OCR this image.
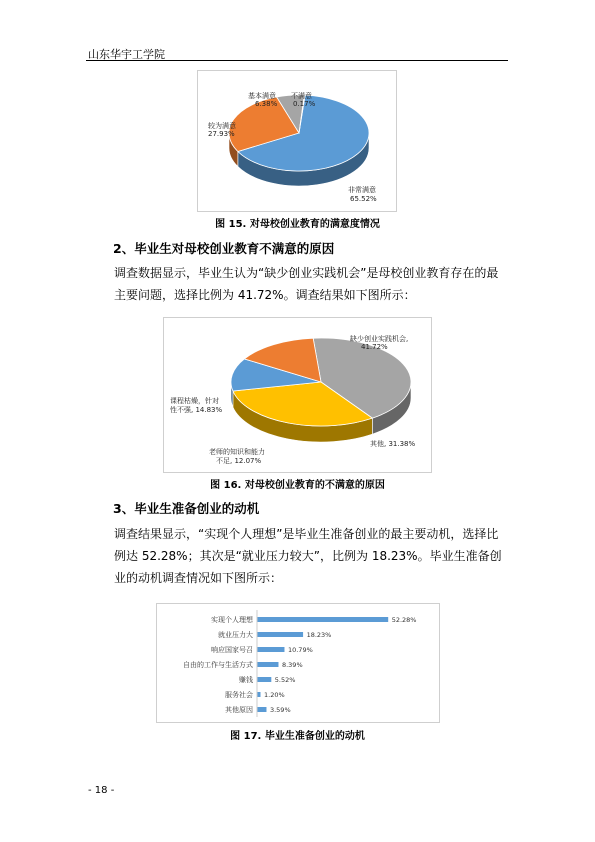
山东华宇工学院
基本满意
6.38%
不满意
0.17%
较为满意
27.93%
非常满意
65.52%
图 15. 对母校创业教育的满意度情况
2、毕业生对母校创业教育不满意的原因
调查数据显示，毕业生认为“缺少创业实践机会”是母校创业教育存在的最主要问题，选择比例为 41.72%。调查结果如下图所示：
缺少创业实践机会,
41.72%
其他, 31.38%
老师的知识和能力
不足, 12.07%
课程枯燥，针对
性不强, 14.83%
图 16. 对母校创业教育的不满意的原因
3、毕业生准备创业的动机
调查结果显示，“实现个人理想”是毕业生准备创业的最主要动机，选择比例达 52.28%；其次是“就业压力较大”，比例为 18.23%。毕业生准备创业的动机调查情况如下图所示：
实现个人理想	52.28%
就业压力大	18.23%
响应国家号召	10.79%
自由的工作与生活方式	8.39%
赚钱	5.52%
服务社会 1.20%
其他原因	3.59%
图 17. 毕业生准备创业的动机
- 18 -
